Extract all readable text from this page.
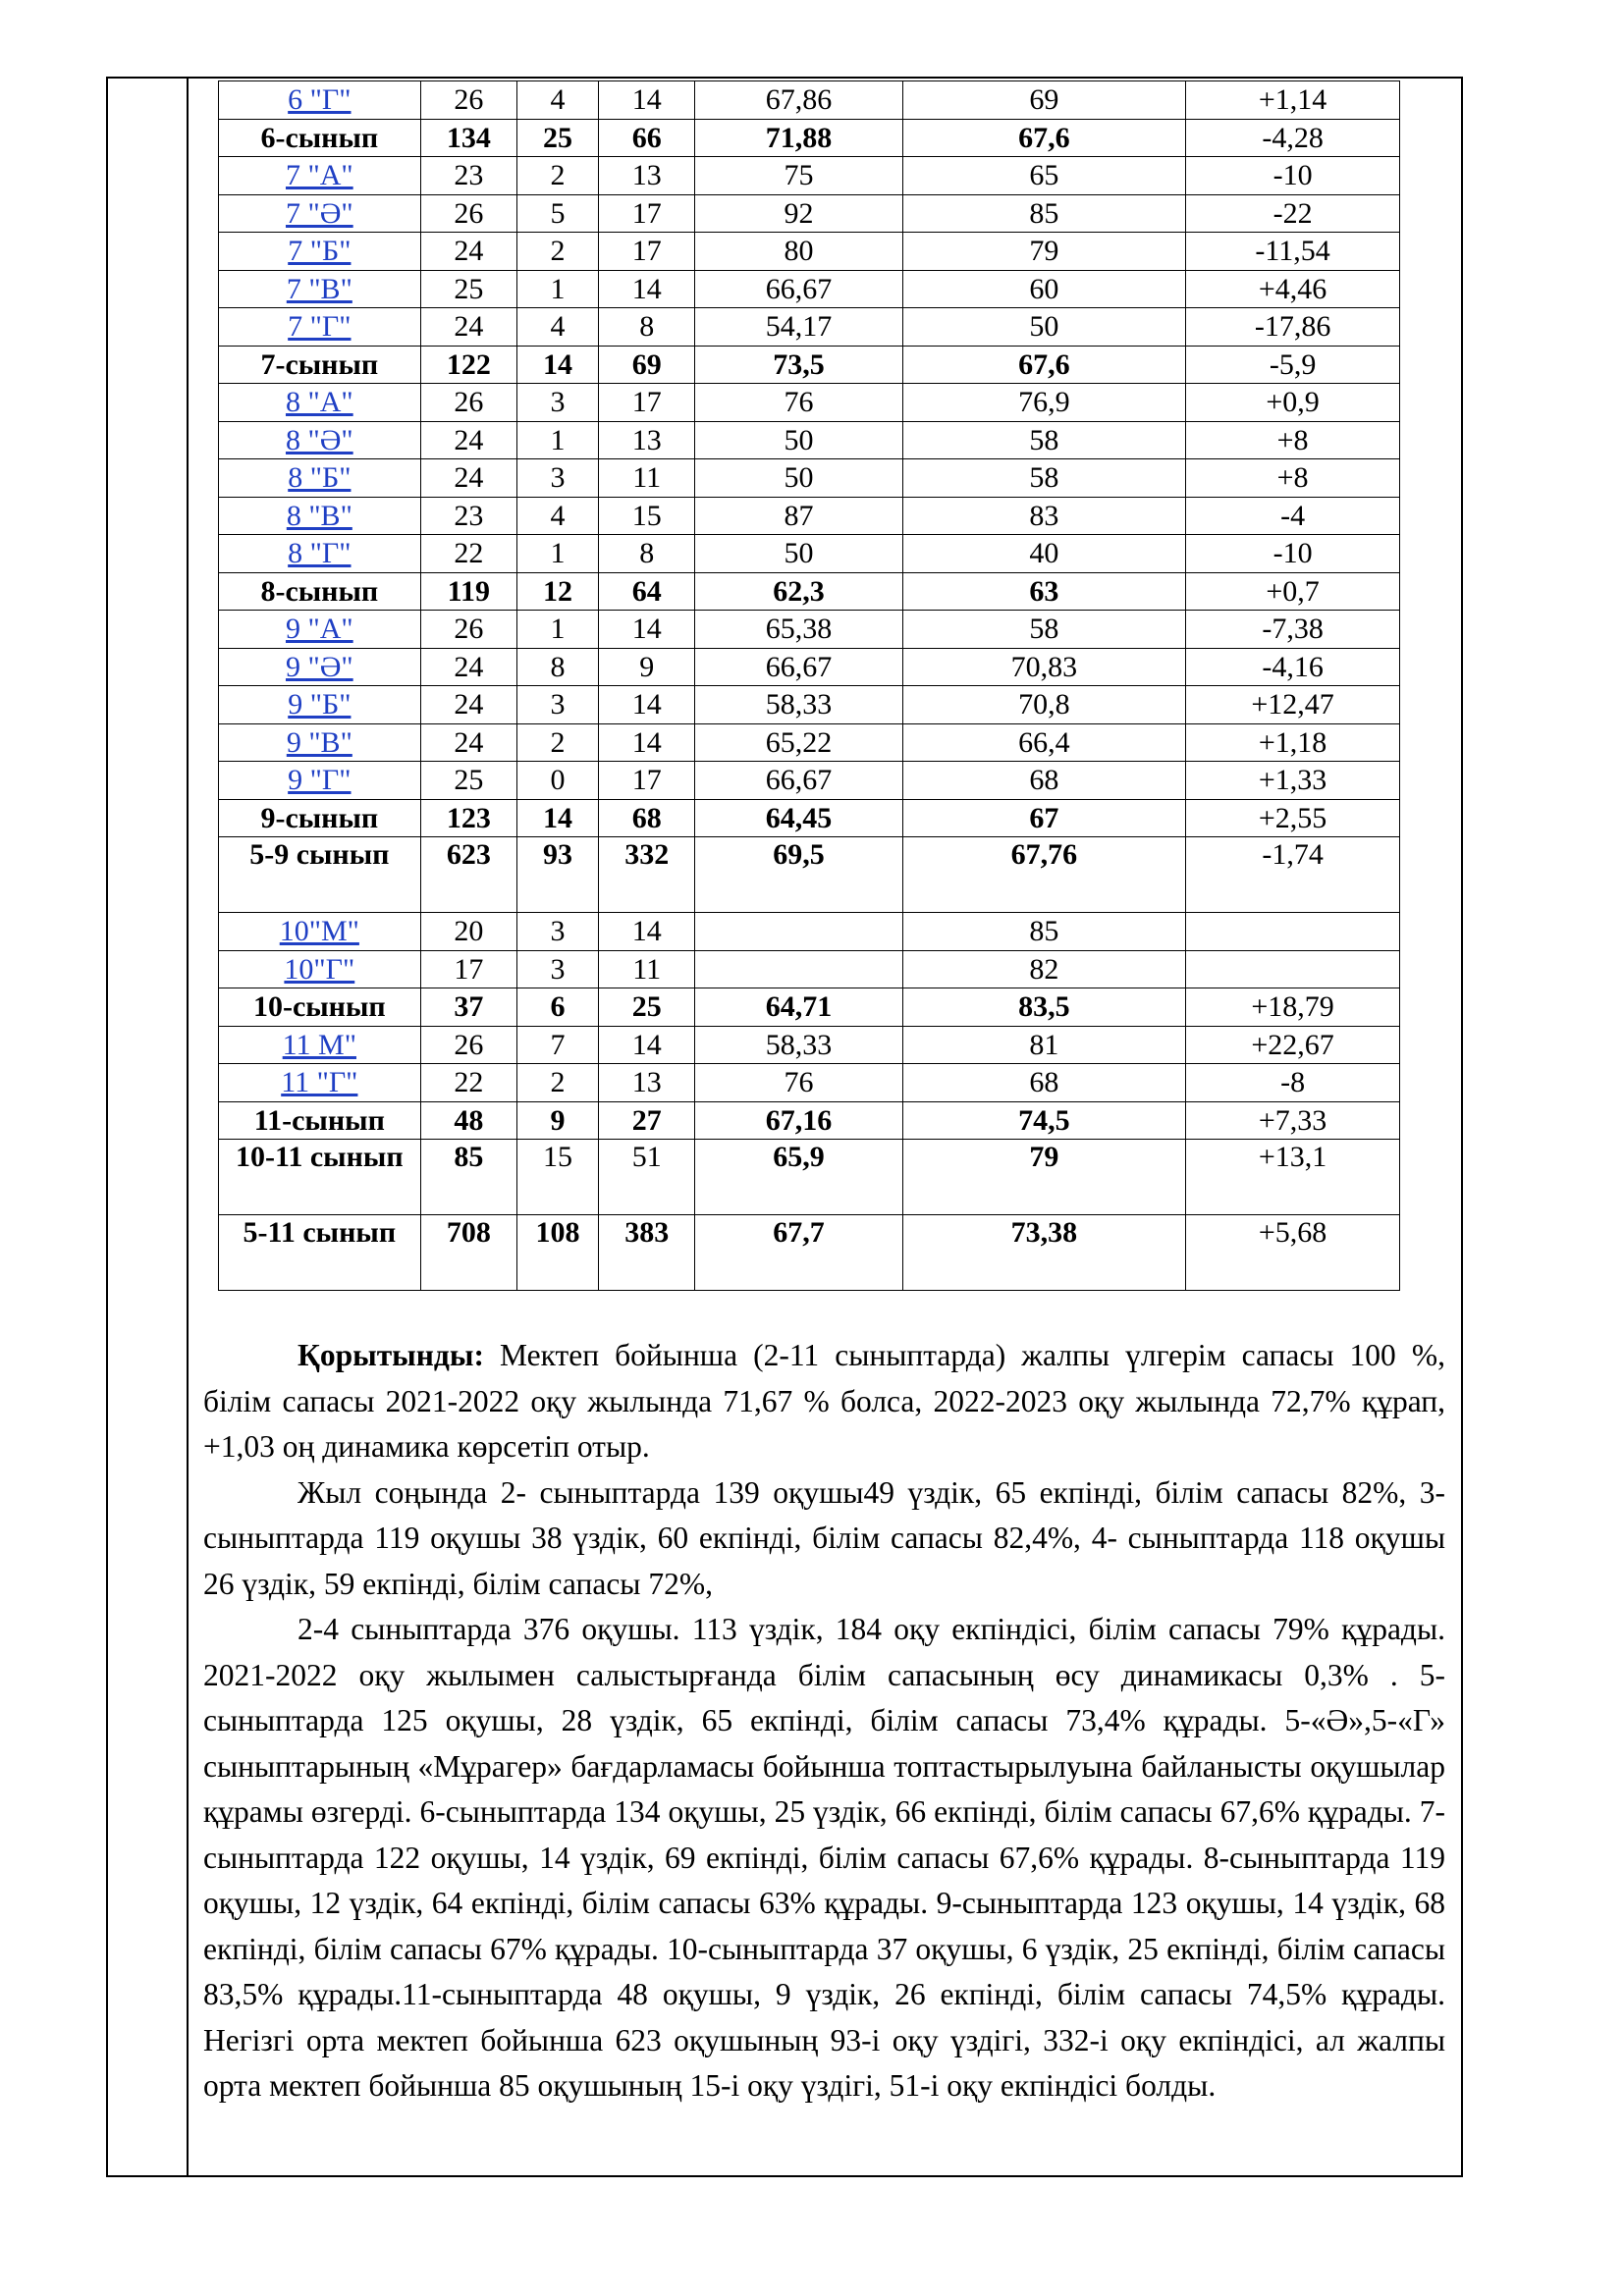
6 "Г"	26	4	14	67,86	69	+1,14
6-сынып	134	25	66	71,88	67,6	-4,28
7 "А"	23	2	13	75	65	-10
7 "Ә"	26	5	17	92	85	-22
7 "Б"	24	2	17	80	79	-11,54
7 "В"	25	1	14	66,67	60	+4,46
7 "Г"	24	4	8	54,17	50	-17,86
7-сынып	122	14	69	73,5	67,6	-5,9
8 "А"	26	3	17	76	76,9	+0,9
8 "Ә"	24	1	13	50	58	+8
8 "Б"	24	3	11	50	58	+8
8 "В"	23	4	15	87	83	-4
8 "Г"	22	1	8	50	40	-10
8-сынып	119	12	64	62,3	63	+0,7
9 "А"	26	1	14	65,38	58	-7,38
9 "Ә"	24	8	9	66,67	70,83	-4,16
9 "Б"	24	3	14	58,33	70,8	+12,47
9 "В"	24	2	14	65,22	66,4	+1,18
9 "Г"	25	0	17	66,67	68	+1,33
9-сынып	123	14	68	64,45	67	+2,55
5-9 сынып	623	93	332	69,5	67,76	-1,74
10"М"	20	3	14		85	
10"Г"	17	3	11		82	
10-сынып	37	6	25	64,71	83,5	+18,79
11 М"	26	7	14	58,33	81	+22,67
11 "Г"	22	2	13	76	68	-8
11-сынып	48	9	27	67,16	74,5	+7,33
10-11 сынып	85	15	51	65,9	79	+13,1
5-11 сынып	708	108	383	67,7	73,38	+5,68

Қорытынды: Мектеп бойынша (2-11 сыныптарда) жалпы үлгерім сапасы 100 %, білім сапасы 2021-2022 оқу жылында 71,67 % болса, 2022-2023 оқу жылында 72,7% құрап, +1,03 оң динамика көрсетіп отыр.

Жыл соңында 2- сыныптарда 139 оқушы49 үздік, 65 екпінді, білім сапасы 82%, 3- сыныптарда 119 оқушы 38 үздік, 60 екпінді, білім сапасы 82,4%, 4- сыныптарда 118 оқушы 26 үздік, 59 екпінді, білім сапасы 72%,

2-4 сыныптарда 376 оқушы. 113 үздік, 184 оқу екпіндісі, білім сапасы 79% құрады. 2021-2022 оқу жылымен салыстырғанда білім сапасының өсу динамикасы 0,3% . 5-сыныптарда 125 оқушы, 28 үздік, 65 екпінді, білім сапасы 73,4% құрады. 5-«Ә»,5-«Г» сыныптарының «Мұрагер» бағдарламасы бойынша топтастырылуына байланысты оқушылар құрамы өзгерді. 6-сыныптарда 134 оқушы, 25 үздік, 66 екпінді, білім сапасы 67,6% құрады. 7-сыныптарда 122 оқушы, 14 үздік, 69 екпінді, білім сапасы 67,6% құрады. 8-сыныптарда 119 оқушы, 12 үздік, 64 екпінді, білім сапасы 63% құрады. 9-сыныптарда 123 оқушы, 14 үздік, 68 екпінді, білім сапасы 67% құрады. 10-сыныптарда 37 оқушы, 6 үздік, 25 екпінді, білім сапасы 83,5% құрады.11-сыныптарда 48 оқушы, 9 үздік, 26 екпінді, білім сапасы 74,5% құрады. Негізгі орта мектеп бойынша 623 оқушының 93-і оқу үздігі, 332-і оқу екпіндісі, ал жалпы орта мектеп бойынша 85 оқушының 15-і оқу үздігі, 51-і оқу екпіндісі болды.
